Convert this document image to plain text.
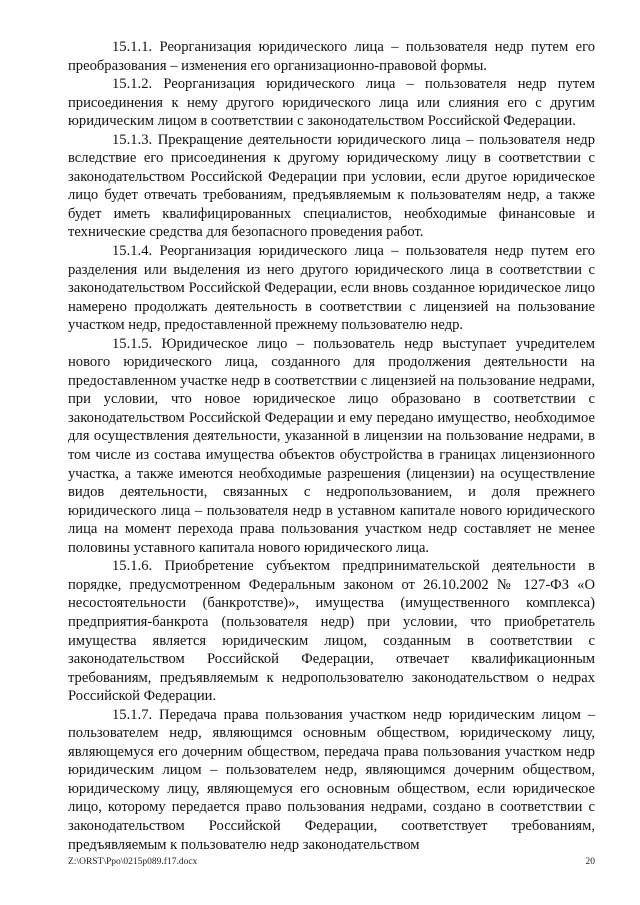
15.1.1. Реорганизация юридического лица – пользователя недр путем его преобразования – изменения его организационно-правовой формы.

15.1.2. Реорганизация юридического лица – пользователя недр путем присоединения к нему другого юридического лица или слияния его с другим юридическим лицом в соответствии с законодательством Российской Федерации.

15.1.3. Прекращение деятельности юридического лица – пользователя недр вследствие его присоединения к другому юридическому лицу в соответствии с законодательством Российской Федерации при условии, если другое юридическое лицо будет отвечать требованиям, предъявляемым к пользователям недр, а также будет иметь квалифицированных специалистов, необходимые финансовые и технические средства для безопасного проведения работ.

15.1.4. Реорганизация юридического лица – пользователя недр путем его разделения или выделения из него другого юридического лица в соответствии с законодательством Российской Федерации, если вновь созданное юридическое лицо намерено продолжать деятельность в соответствии с лицензией на пользование участком недр, предоставленной прежнему пользователю недр.

15.1.5. Юридическое лицо – пользователь недр выступает учредителем нового юридического лица, созданного для продолжения деятельности на предоставленном участке недр в соответствии с лицензией на пользование недрами, при условии, что новое юридическое лицо образовано в соответствии с законодательством Российской Федерации и ему передано имущество, необходимое для осуществления деятельности, указанной в лицензии на пользование недрами, в том числе из состава имущества объектов обустройства в границах лицензионного участка, а также имеются необходимые разрешения (лицензии) на осуществление видов деятельности, связанных с недропользованием, и доля прежнего юридического лица – пользователя недр в уставном капитале нового юридического лица на момент перехода права пользования участком недр составляет не менее половины уставного капитала нового юридического лица.

15.1.6. Приобретение субъектом предпринимательской деятельности в порядке, предусмотренном Федеральным законом от 26.10.2002 № 127-ФЗ «О несостоятельности (банкротстве)», имущества (имущественного комплекса) предприятия-банкрота (пользователя недр) при условии, что приобретатель имущества является юридическим лицом, созданным в соответствии с законодательством Российской Федерации, отвечает квалификационным требованиям, предъявляемым к недропользователю законодательством о недрах Российской Федерации.

15.1.7. Передача права пользования участком недр юридическим лицом – пользователем недр, являющимся основным обществом, юридическому лицу, являющемуся его дочерним обществом, передача права пользования участком недр юридическим лицом – пользователем недр, являющимся дочерним обществом, юридическому лицу, являющемуся его основным обществом, если юридическое лицо, которому передается право пользования недрами, создано в соответствии с законодательством Российской Федерации, соответствует требованиям, предъявляемым к пользователю недр законодательством

Z:\ORST\Ppo\0215p089.f17.docx	20
